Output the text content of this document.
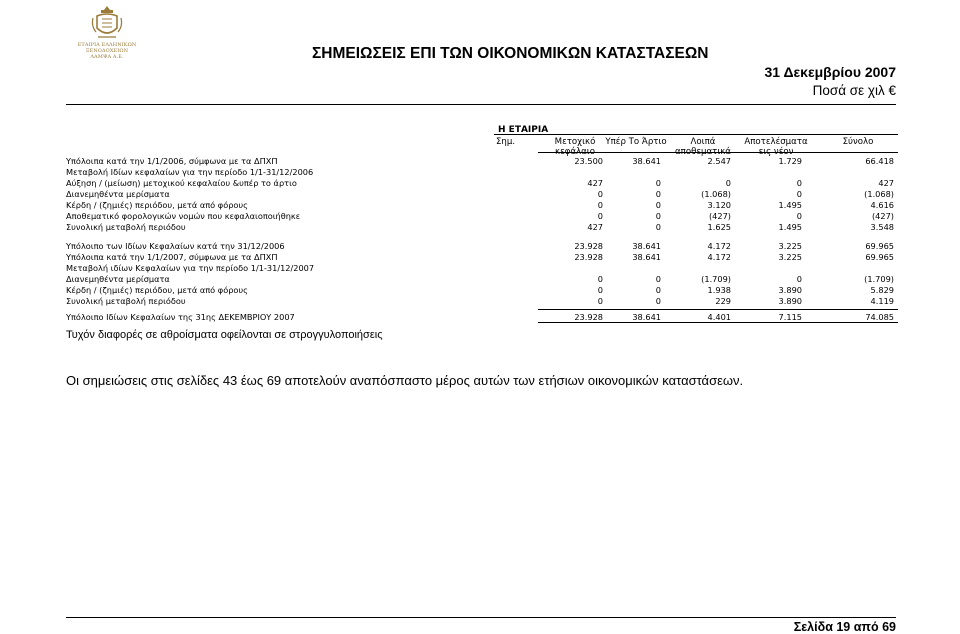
ΕΤΑΙΡΙΑ ΕΛΛΗΝΙΚΩΝ ΞΕΝΟΔΟΧΕΙΩΝ
ΛΑΜΨΑ Α.Ε.	ΣΗΜΕΙΩΣΕΙΣ ΕΠΙ ΤΩΝ ΟΙΚΟΝΟΜΙΚΩΝ ΚΑΤΑΣΤΑΣΕΩΝ
31 Δεκεμβρίου 2007
Ποσά σε χιλ €
Η ΕΤΑΙΡΙΑ
Σημ.	Μετοχικό
κεφάλαιο
Υπέρ Το Άρτιο	Λοιπά
αποθεματικά
Αποτελέσματα
εις νέον
Σύνολο
Υπόλοιπα κατά την 1/1/2006, σύμφωνα με τα ΔΠΧΠ	23.500	38.641	2.547	1.729	66.418
Μεταβολή Ιδίων κεφαλαίων για την περίοδο 1/1-31/12/2006
Αύξηση / (μείωση) μετοχικού κεφαλαίου &υπέρ το άρτιο	427	0	0	0	427
Διανεμηθέντα μερίσματα	0	0	(1.068)	0	(1.068)
Κέρδη / (ζημιές) περιόδου, μετά από φόρους	0	0	3.120	1.495	4.616
Αποθεματικό φορολογικών νομών που κεφαλαιοποιήθηκε	0	0	(427)	0	(427)
Συνολική μεταβολή περιόδου	427	0	1.625	1.495	3.548
Υπόλοιπο των Ιδίων Κεφαλαίων κατά την 31/12/2006	23.928	38.641	4.172	3.225	69.965
Υπόλοιπα κατά την 1/1/2007, σύμφωνα με τα ΔΠΧΠ	23.928	38.641	4.172	3.225	69.965
Μεταβολή ιδίων Κεφαλαίων για την περίοδο 1/1-31/12/2007
Διανεμηθέντα μερίσματα	0	0	(1.709)	0	(1.709)
Κέρδη / (ζημιές) περιόδου, μετά από φόρους	0	0	1.938	3.890	5.829
Συνολική μεταβολή περιόδου	0	0	229	3.890	4.119
Υπόλοιπο Ιδίων Κεφαλαίων της 31ης ΔΕΚΕΜΒΡΙΟΥ 2007	23.928	38.641	4.401	7.115	74.085
Τυχόν διαφορές σε αθροίσματα οφείλονται σε στρογγυλοποιήσεις
Οι σημειώσεις στις σελίδες 43 έως 69 αποτελούν αναπόσπαστο μέρος αυτών των ετήσιων οικονομικών καταστάσεων.
Σελίδα 19 από 69
